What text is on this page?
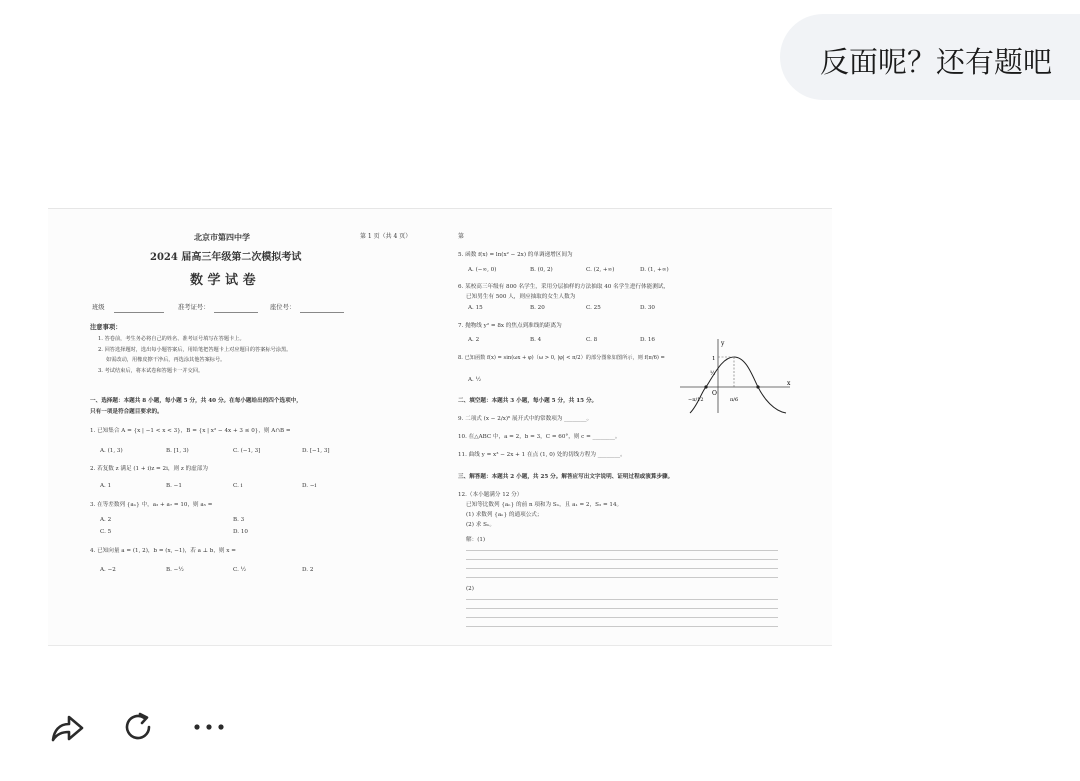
反面呢？还有题吧
北京市第四中学	第 1 页（共 4 页）	第
2024 届高三年级第二次模拟考试
数 学 试 卷
班级	准考证号：	座位号：
注意事项：
1. 答卷前，考生务必将自己的姓名、准考证号填写在答题卡上。
2. 回答选择题时，选出每小题答案后，用铅笔把答题卡上对应题目的答案标号涂黑。
如需改动，用橡皮擦干净后，再选涂其他答案标号。
3. 考试结束后，将本试卷和答题卡一并交回。
一、选择题：本题共 8 小题，每小题 5 分，共 40 分。在每小题给出的四个选项中，
只有一项是符合题目要求的。
1. 已知集合 A = {x | −1 < x < 3}，B = {x | x² − 4x + 3 ≤ 0}，则 A∩B =
A. (1, 3)	B. [1, 3)	C. (−1, 3]	D. [−1, 3]
2. 若复数 z 满足 (1 + i)z = 2i，则 z 的虚部为
A. 1	B. −1	C. i	D. −i
3. 在等差数列 {aₙ} 中，a₃ + a₇ = 10，则 a₅ =
A. 2	B. 3
C. 5	D. 10
4. 已知向量 a = (1, 2)，b = (x, −1)，若 a ⊥ b，则 x =
A. −2	B. −½	C. ½	D. 2
5. 函数 f(x) = ln(x² − 2x) 的单调递增区间为
A. (−∞, 0)	B. (0, 2)	C. (2, +∞)	D. (1, +∞)
6. 某校高三年级有 800 名学生，采用分层抽样的方法抽取 40 名学生进行体能测试，
已知男生有 500 人，则应抽取的女生人数为
A. 15	B. 20	C. 25	D. 30
7. 抛物线 y² = 8x 的焦点到准线的距离为
A. 2	B. 4	C. 8	D. 16
8. 已知函数 f(x) = sin(ωx + φ)（ω > 0, |φ| < π/2）的部分图象如图所示，则 f(π/6) =
A. ½
y
x
O
1
½
−π/12	π/6
二、填空题：本题共 3 小题，每小题 5 分，共 15 分。
9. 二项式 (x − 2/x)⁶ 展开式中的常数项为 ________。
10. 在△ABC 中，a = 2，b = 3，C = 60°，则 c = ________。
11. 曲线 y = x³ − 2x + 1 在点 (1, 0) 处的切线方程为 ________。
三、解答题：本题共 2 小题，共 25 分。解答应写出文字说明、证明过程或演算步骤。
12.（本小题满分 12 分）
已知等比数列 {aₙ} 的前 n 项和为 Sₙ，且 a₁ = 2，S₃ = 14。
(1) 求数列 {aₙ} 的通项公式；
(2) 求 Sₙ。
解：(1)
(2)
